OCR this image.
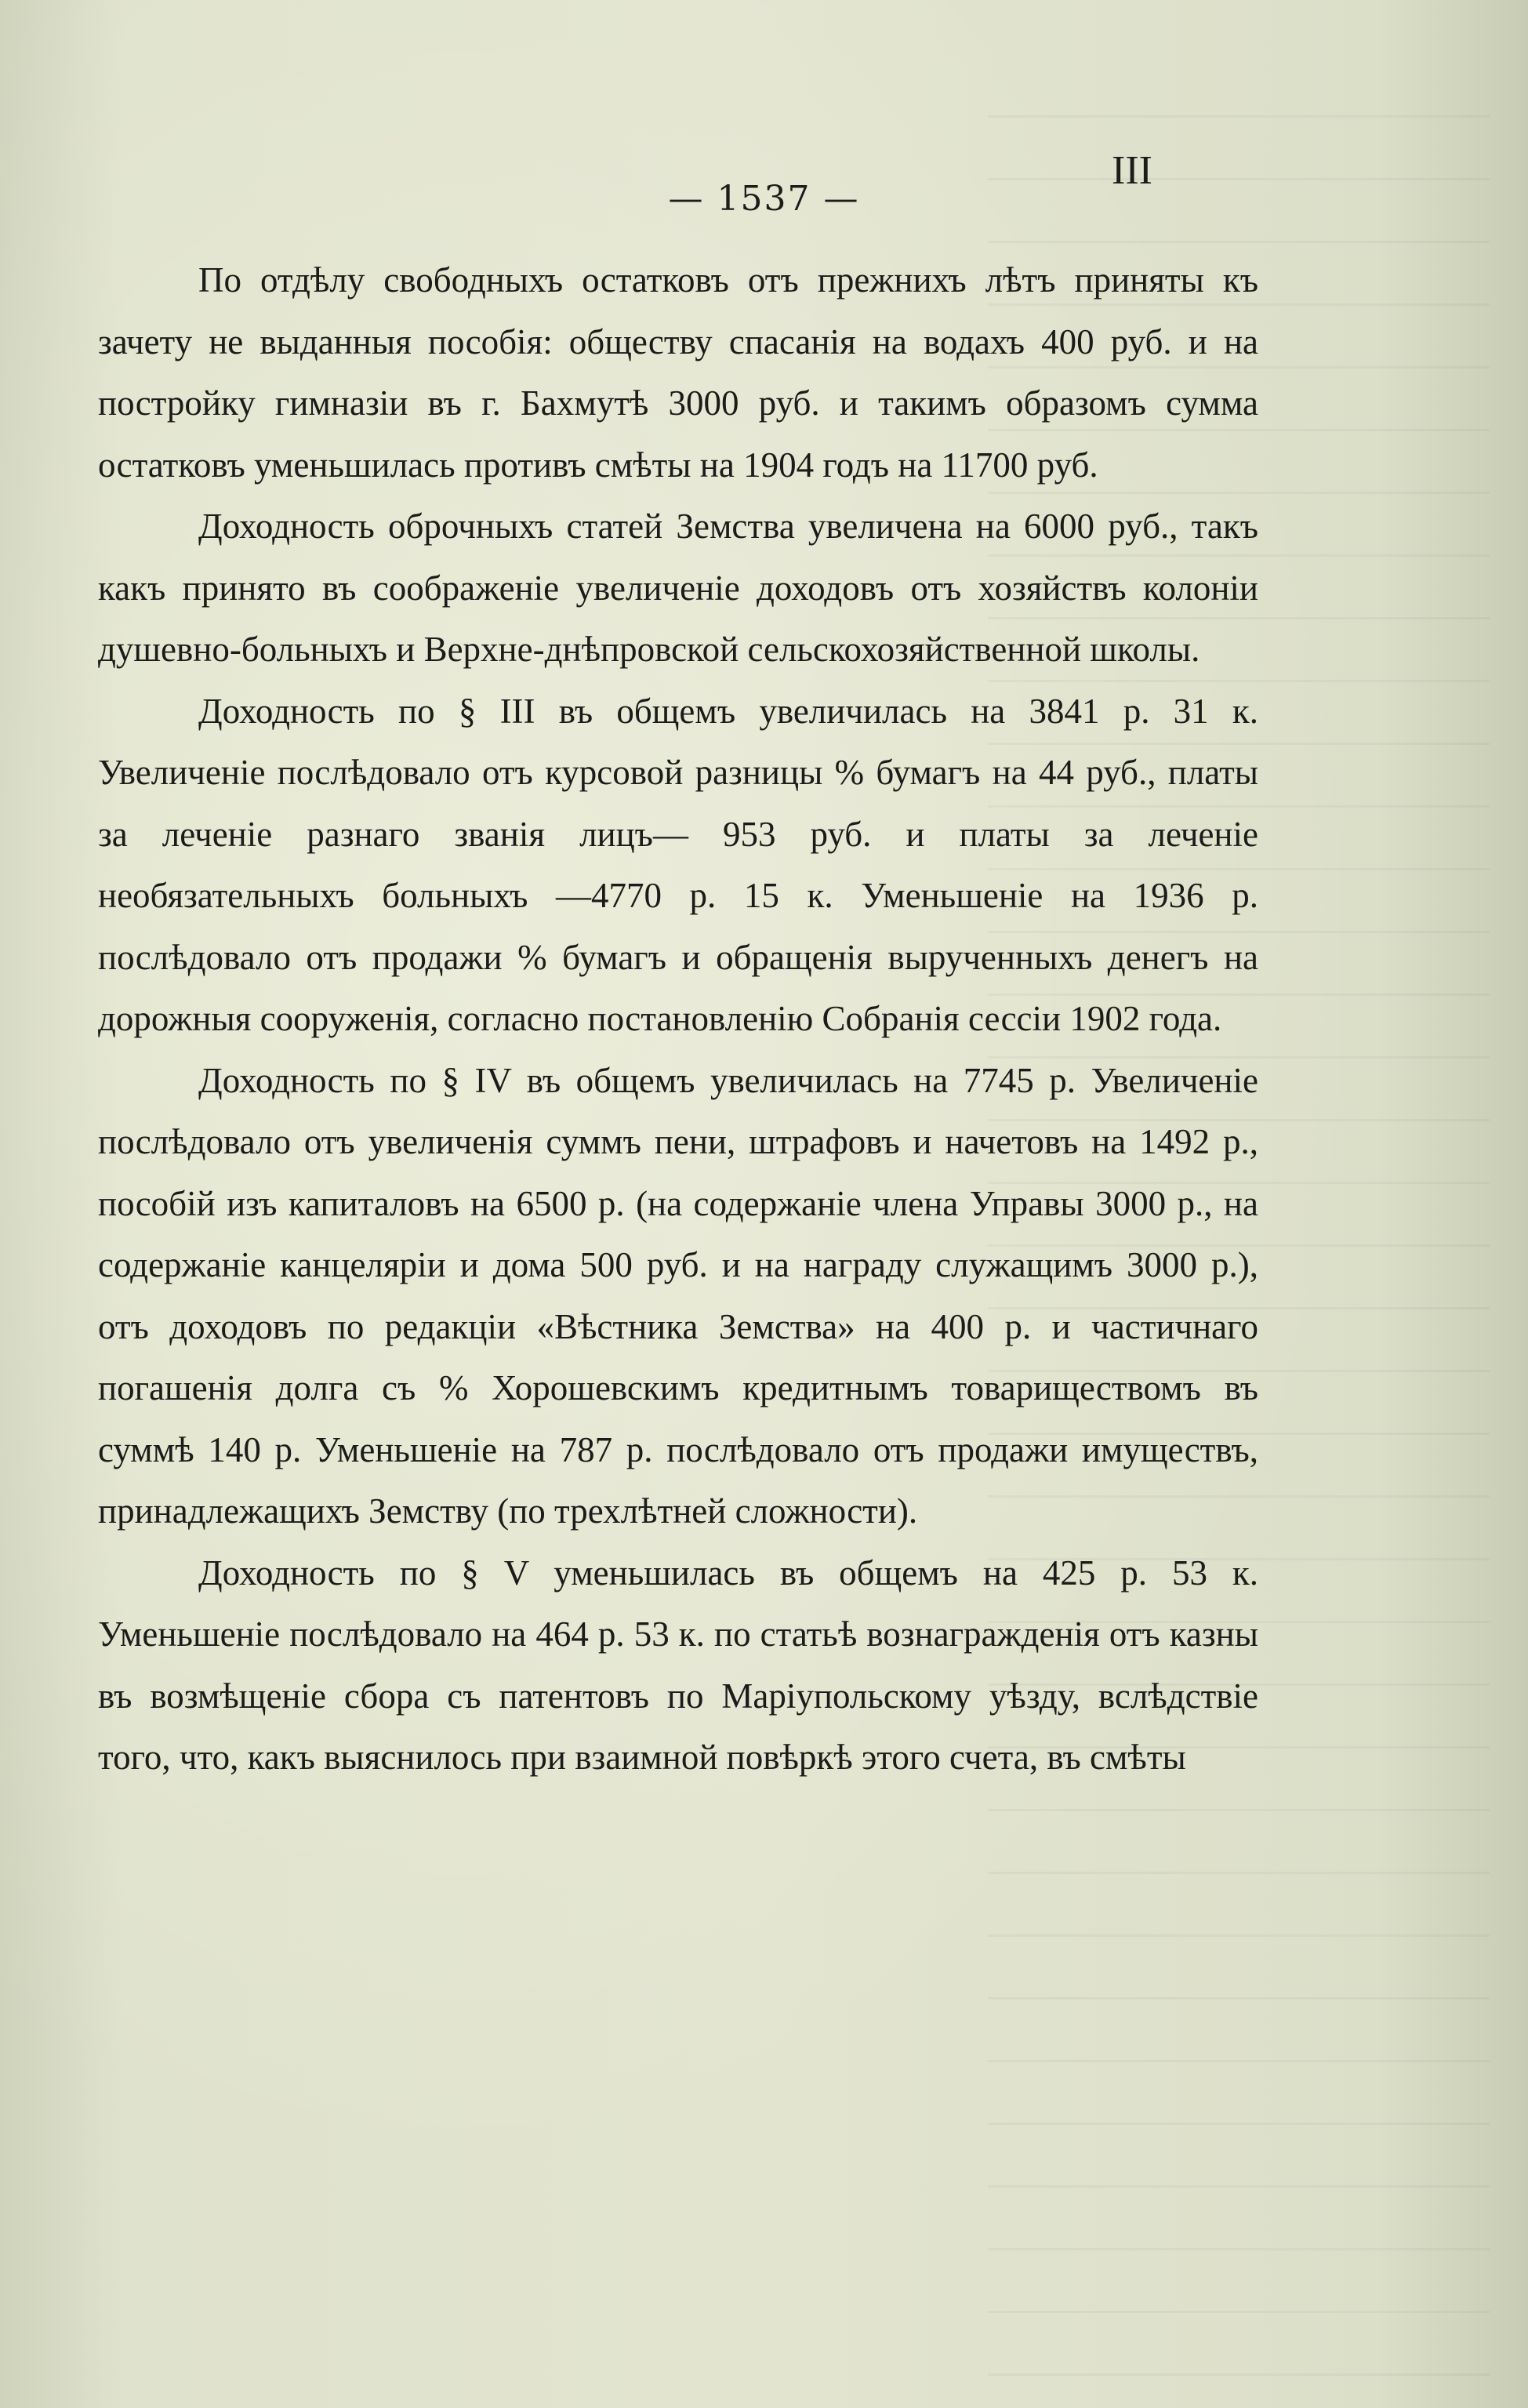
— 1537 —
III

По отдѣлу свободныхъ остатковъ отъ прежнихъ лѣтъ приняты къ зачету не выданныя пособія: обществу спасанія на водахъ 400 руб. и на постройку гимназіи въ г. Бахмутѣ 3000 руб. и такимъ образомъ сумма остатковъ уменьшилась противъ смѣты на 1904 годъ на 11700 руб.

Доходность оброчныхъ статей Земства увеличена на 6000 руб., такъ какъ принято въ соображеніе увеличеніе доходовъ отъ хозяйствъ колоніи душевно-больныхъ и Верхне-днѣпровской сельскохозяйственной школы.

Доходность по § III въ общемъ увеличилась на 3841 р. 31 к. Увеличеніе послѣдовало отъ курсовой разницы % бумагъ на 44 руб., платы за леченіе разнаго званія лицъ— 953 руб. и платы за леченіе необязательныхъ больныхъ —4770 р. 15 к. Уменьшеніе на 1936 р. послѣдовало отъ продажи % бумагъ и обращенія вырученныхъ денегъ на дорожныя сооруженія, согласно постановленію Собранія сессіи 1902 года.

Доходность по § IV въ общемъ увеличилась на 7745 р. Увеличеніе послѣдовало отъ увеличенія суммъ пени, штрафовъ и начетовъ на 1492 р., пособій изъ капиталовъ на 6500 р. (на содержаніе члена Управы 3000 р., на содержаніе канцеляріи и дома 500 руб. и на награду служащимъ 3000 р.), отъ доходовъ по редакціи «Вѣстника Земства» на 400 р. и частичнаго погашенія долга съ % Хорошевскимъ кредитнымъ товариществомъ въ суммѣ 140 р. Уменьшеніе на 787 р. послѣдовало отъ продажи имуществъ, принадлежащихъ Земству (по трехлѣтней сложности).

Доходность по § V уменьшилась въ общемъ на 425 р. 53 к. Уменьшеніе послѣдовало на 464 р. 53 к. по статьѣ вознагражденія отъ казны въ возмѣщеніе сбора съ патентовъ по Маріупольскому уѣзду, вслѣдствіе того, что, какъ выяснилось при взаимной повѣркѣ этого счета, въ смѣты
